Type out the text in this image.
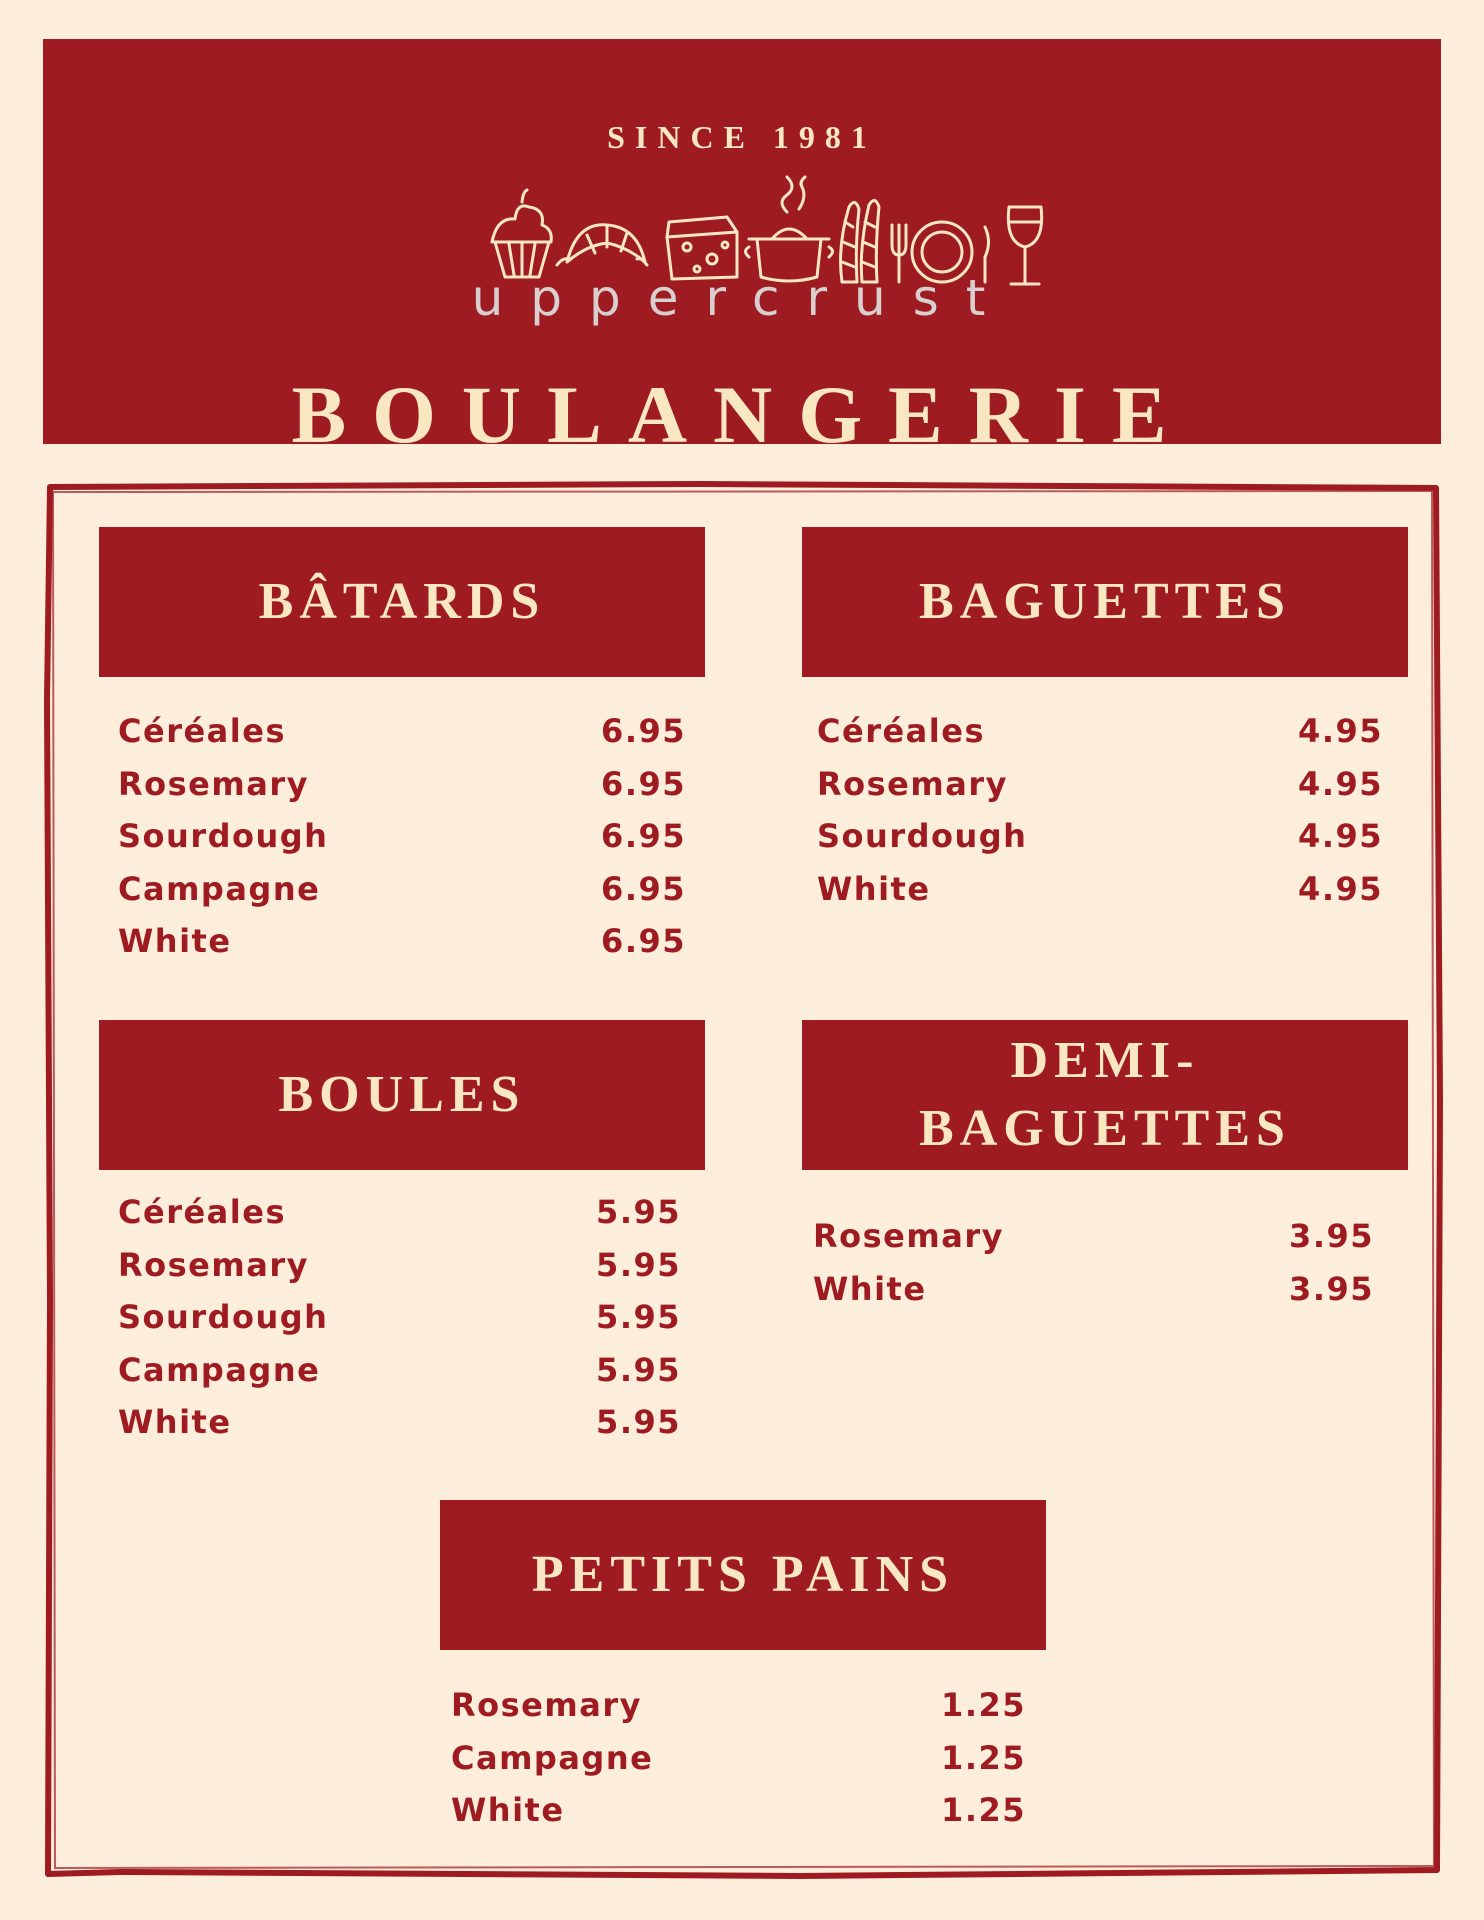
SINCE 1981
uppercrust
BOULANGERIE
BÂTARDS
Céréales	6.95
Rosemary	6.95
Sourdough	6.95
Campagne	6.95
White	6.95
BAGUETTES
Céréales	4.95
Rosemary	4.95
Sourdough	4.95
White	4.95
BOULES
Céréales	5.95
Rosemary	5.95
Sourdough	5.95
Campagne	5.95
White	5.95
DEMI-
BAGUETTES
Rosemary	3.95
White	3.95
PETITS PAINS
Rosemary	1.25
Campagne	1.25
White	1.25
